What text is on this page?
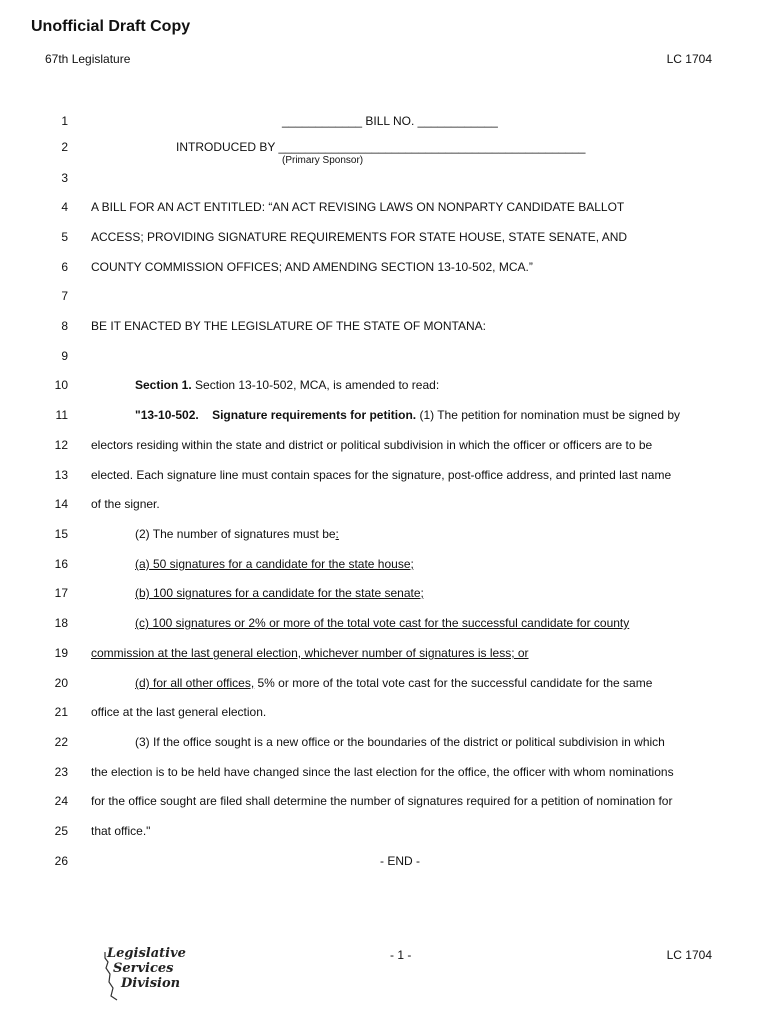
Unofficial Draft Copy
67th Legislature	LC 1704
1
2
3
4
5
6
7
8
9
10
11
12
13
14
15
16
17
18
19
20
21
22
23
24
25
26
____________ BILL NO. ____________
INTRODUCED BY ______________________________________________
(Primary Sponsor)
A BILL FOR AN ACT ENTITLED: “AN ACT REVISING LAWS ON NONPARTY CANDIDATE BALLOT
ACCESS; PROVIDING SIGNATURE REQUIREMENTS FOR STATE HOUSE, STATE SENATE, AND
COUNTY COMMISSION OFFICES; AND AMENDING SECTION 13-10-502, MCA.”
BE IT ENACTED BY THE LEGISLATURE OF THE STATE OF MONTANA:
Section 1. Section 13-10-502, MCA, is amended to read:
"13-10-502. Signature requirements for petition. (1) The petition for nomination must be signed by
electors residing within the state and district or political subdivision in which the officer or officers are to be
elected. Each signature line must contain spaces for the signature, post-office address, and printed last name
of the signer.
(2) The number of signatures must be:
(a) 50 signatures for a candidate for the state house;
(b) 100 signatures for a candidate for the state senate;
(c) 100 signatures or 2% or more of the total vote cast for the successful candidate for county
commission at the last general election, whichever number of signatures is less; or
(d) for all other offices, 5% or more of the total vote cast for the successful candidate for the same
office at the last general election.
(3) If the office sought is a new office or the boundaries of the district or political subdivision in which
the election is to be held have changed since the last election for the office, the officer with whom nominations
for the office sought are filed shall determine the number of signatures required for a petition of nomination for
that office."
- END -
Legislative
Services
Division
- 1 -	LC 1704
